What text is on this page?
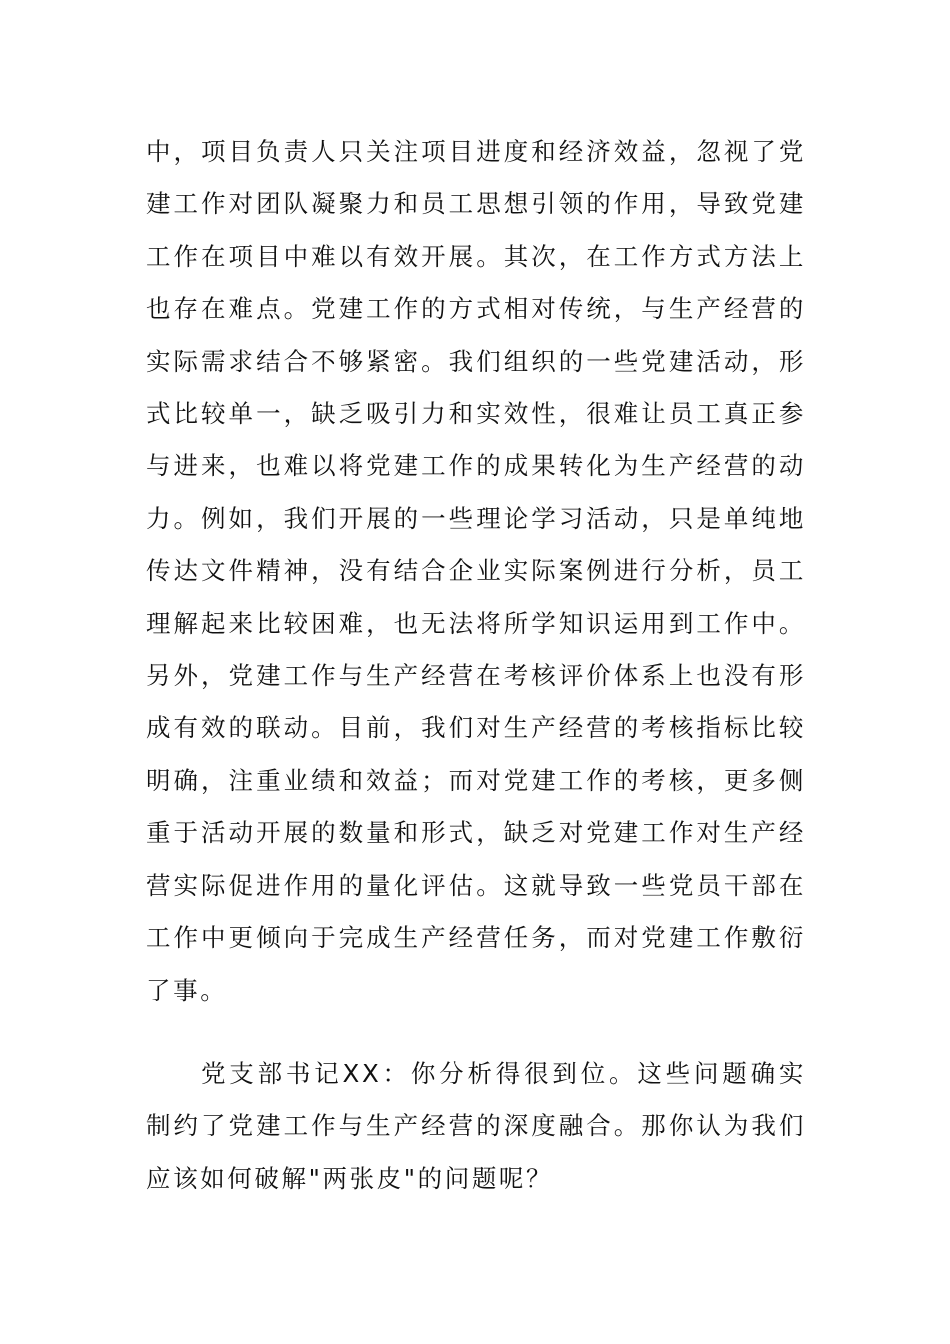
中，项目负责人只关注项目进度和经济效益，忽视了党建工作对团队凝聚力和员工思想引领的作用，导致党建工作在项目中难以有效开展。其次，在工作方式方法上也存在难点。党建工作的方式相对传统，与生产经营的实际需求结合不够紧密。我们组织的一些党建活动，形式比较单一，缺乏吸引力和实效性，很难让员工真正参与进来，也难以将党建工作的成果转化为生产经营的动力。例如，我们开展的一些理论学习活动，只是单纯地传达文件精神，没有结合企业实际案例进行分析，员工理解起来比较困难，也无法将所学知识运用到工作中。另外，党建工作与生产经营在考核评价体系上也没有形成有效的联动。目前，我们对生产经营的考核指标比较明确，注重业绩和效益；而对党建工作的考核，更多侧重于活动开展的数量和形式，缺乏对党建工作对生产经营实际促进作用的量化评估。这就导致一些党员干部在工作中更倾向于完成生产经营任务，而对党建工作敷衍了事。

党支部书记XX：你分析得很到位。这些问题确实制约了党建工作与生产经营的深度融合。那你认为我们应该如何破解"两张皮"的问题呢？
